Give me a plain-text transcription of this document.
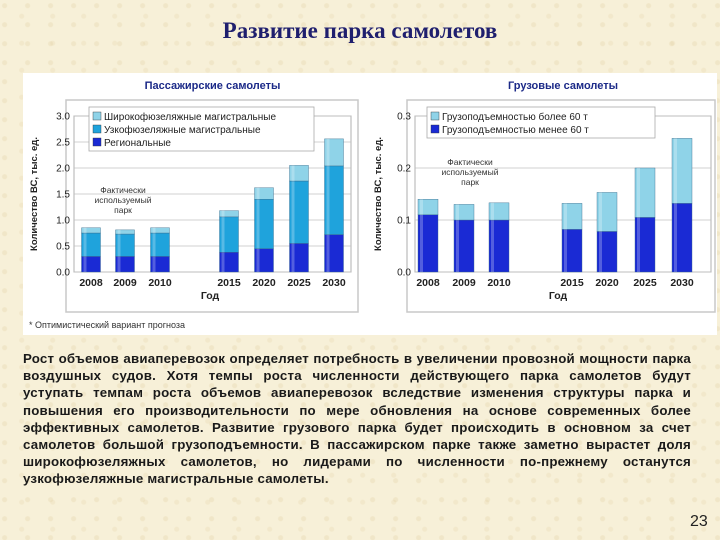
Развитие парка самолетов
Пассажирские самолеты
0.0
0.5
1.0
1.5
2.0
2.5
3.0
Количество ВС, тыс. ед.
2008 2009 2010	2015 2020 2025 2030
Год
Широкофюзеляжные магистральные
Узкофюзеляжные магистральные
Региональные
Фактически используемый парк
Грузовые самолеты
0.0
0.1
0.2
0.3
Количество ВС, тыс. ед.
2008 2009 2010	2015 2020 2025 2030
Год
Грузоподъемностью более 60 т
Грузоподъемностью менее 60 т
Фактически используемый парк
* Оптимистический вариант прогноза
Рост объемов авиаперевозок определяет потребность в увеличении провозной мощности парка воздушных судов. Хотя темпы роста численности действующего парка самолетов будут уступать темпам роста объемов авиаперевозок вследствие изменения структуры парка и повышения его производительности по мере обновления на основе современных более эффективных самолетов. Развитие грузового парка будет происходить в основном за счет самолетов большой грузоподъемности. В пассажирском парке также заметно вырастет доля широкофюзеляжных самолетов, но лидерами по численности по-прежнему останутся узкофюзеляжные магистральные самолеты.
23
